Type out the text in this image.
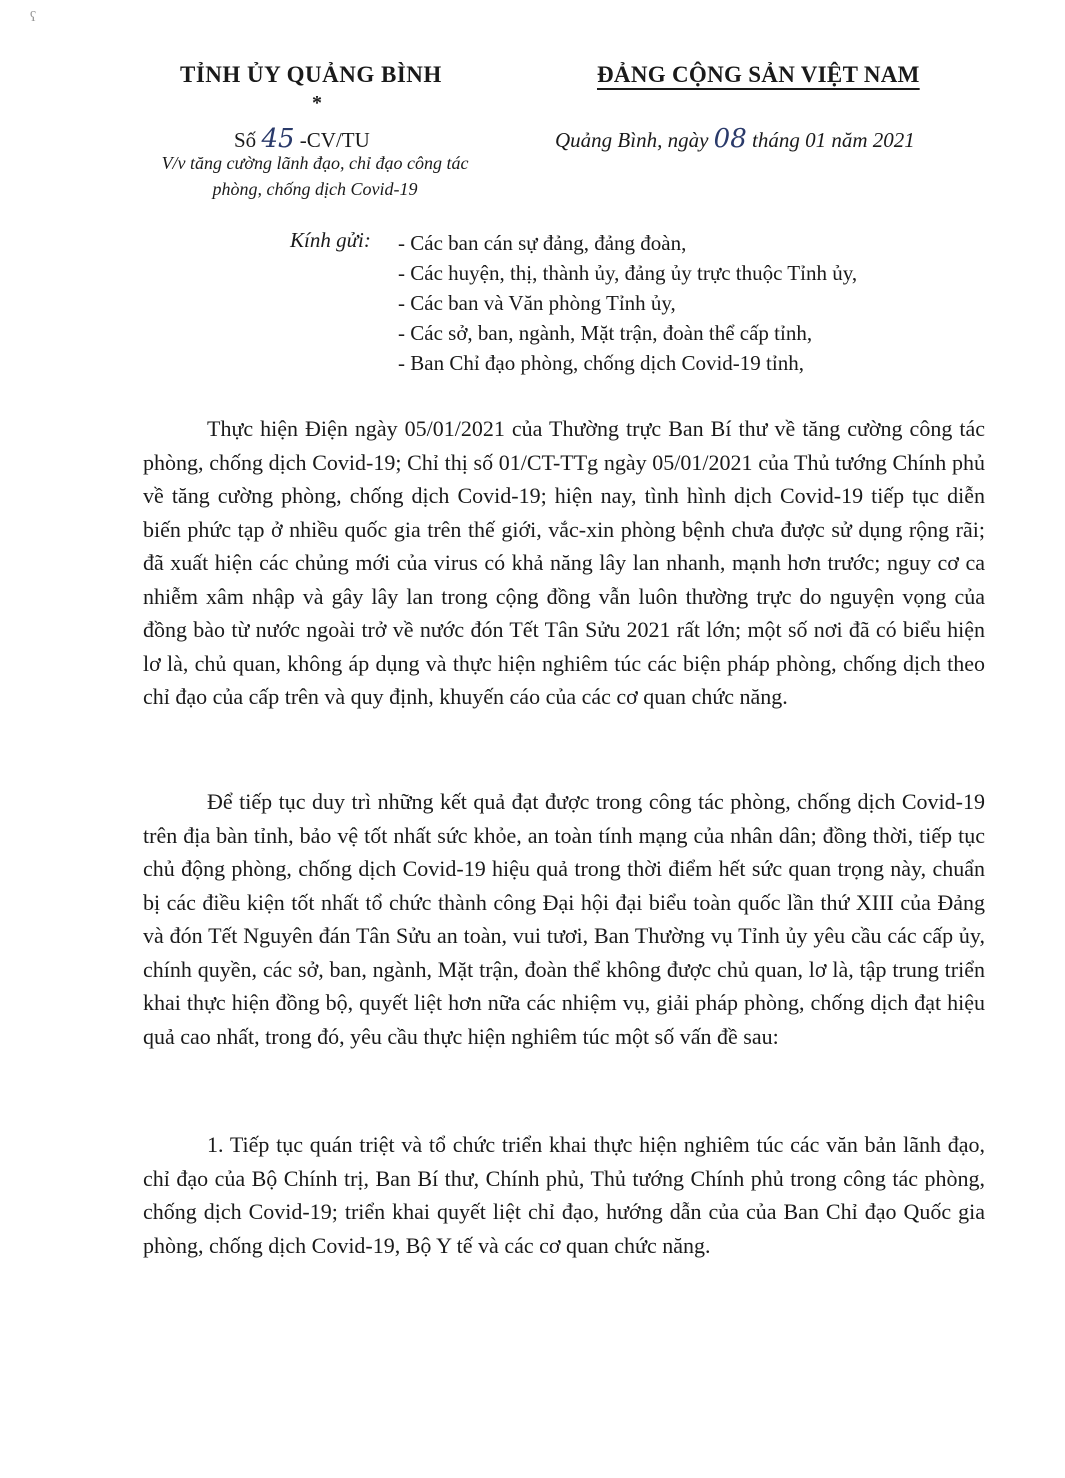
ʕ
TỈNH ỦY QUẢNG BÌNH
*
ĐẢNG CỘNG SẢN VIỆT NAM
Số 45 -CV/TU
V/v tăng cường lãnh đạo, chỉ đạo công tác phòng, chống dịch Covid-19
Quảng Bình, ngày 08 tháng 01 năm 2021
Kính gửi: - Các ban cán sự đảng, đảng đoàn,
- Các huyện, thị, thành ủy, đảng ủy trực thuộc Tỉnh ủy,
- Các ban và Văn phòng Tỉnh ủy,
- Các sở, ban, ngành, Mặt trận, đoàn thể cấp tỉnh,
- Ban Chỉ đạo phòng, chống dịch Covid-19 tỉnh,

Thực hiện Điện ngày 05/01/2021 của Thường trực Ban Bí thư về tăng cường công tác phòng, chống dịch Covid-19; Chỉ thị số 01/CT-TTg ngày 05/01/2021 của Thủ tướng Chính phủ về tăng cường phòng, chống dịch Covid-19; hiện nay, tình hình dịch Covid-19 tiếp tục diễn biến phức tạp ở nhiều quốc gia trên thế giới, vắc-xin phòng bệnh chưa được sử dụng rộng rãi; đã xuất hiện các chủng mới của virus có khả năng lây lan nhanh, mạnh hơn trước; nguy cơ ca nhiễm xâm nhập và gây lây lan trong cộng đồng vẫn luôn thường trực do nguyện vọng của đồng bào từ nước ngoài trở về nước đón Tết Tân Sửu 2021 rất lớn; một số nơi đã có biểu hiện lơ là, chủ quan, không áp dụng và thực hiện nghiêm túc các biện pháp phòng, chống dịch theo chỉ đạo của cấp trên và quy định, khuyến cáo của các cơ quan chức năng.

Để tiếp tục duy trì những kết quả đạt được trong công tác phòng, chống dịch Covid-19 trên địa bàn tỉnh, bảo vệ tốt nhất sức khỏe, an toàn tính mạng của nhân dân; đồng thời, tiếp tục chủ động phòng, chống dịch Covid-19 hiệu quả trong thời điểm hết sức quan trọng này, chuẩn bị các điều kiện tốt nhất tổ chức thành công Đại hội đại biểu toàn quốc lần thứ XIII của Đảng và đón Tết Nguyên đán Tân Sửu an toàn, vui tươi, Ban Thường vụ Tỉnh ủy yêu cầu các cấp ủy, chính quyền, các sở, ban, ngành, Mặt trận, đoàn thể không được chủ quan, lơ là, tập trung triển khai thực hiện đồng bộ, quyết liệt hơn nữa các nhiệm vụ, giải pháp phòng, chống dịch đạt hiệu quả cao nhất, trong đó, yêu cầu thực hiện nghiêm túc một số vấn đề sau:

1. Tiếp tục quán triệt và tổ chức triển khai thực hiện nghiêm túc các văn bản lãnh đạo, chỉ đạo của Bộ Chính trị, Ban Bí thư, Chính phủ, Thủ tướng Chính phủ trong công tác phòng, chống dịch Covid-19; triển khai quyết liệt chỉ đạo, hướng dẫn của của Ban Chỉ đạo Quốc gia phòng, chống dịch Covid-19, Bộ Y tế và các cơ quan chức năng.
